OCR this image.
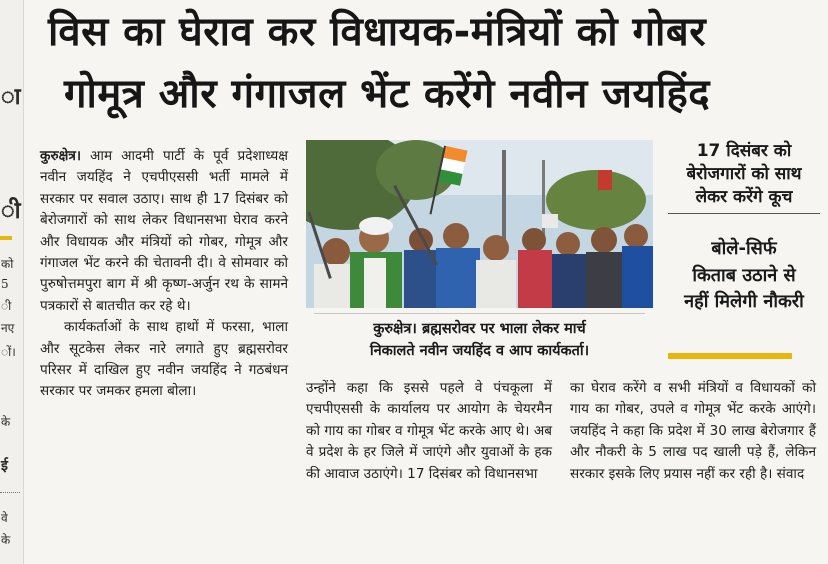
ा
ी
को
5
ी
नए
ों।
के
ई
वे
के
विस का घेराव कर विधायक-मंत्रियों को गोबर
गोमूत्र और गंगाजल भेंट करेंगे नवीन जयहिंद

कुरुक्षेत्र। आम आदमी पार्टी के पूर्व प्रदेशाध्यक्ष नवीन जयहिंद ने एचपीएससी भर्ती मामले में सरकार पर सवाल उठाए। साथ ही 17 दिसंबर को बेरोजगारों को साथ लेकर विधानसभा घेराव करने और विधायक और मंत्रियों को गोबर, गोमूत्र और गंगाजल भेंट करने की चेतावनी दी। वे सोमवार को पुरुषोत्तमपुरा बाग में श्री कृष्ण-अर्जुन रथ के सामने पत्रकारों से बातचीत कर रहे थे।

कार्यकर्ताओं के साथ हाथों में फरसा, भाला और सूटकेस लेकर नारे लगाते हुए ब्रह्मसरोवर परिसर में दाखिल हुए नवीन जयहिंद ने गठबंधन सरकार पर जमकर हमला बोला।

कुरुक्षेत्र। ब्रह्मसरोवर पर भाला लेकर मार्च
निकालते नवीन जयहिंद व आप कार्यकर्ता।
उन्होंने कहा कि इससे पहले वे पंचकूला में एचपीएससी के कार्यालय पर आयोग के चेयरमैन को गाय का गोबर व गोमूत्र भेंट करके आए थे। अब वे प्रदेश के हर जिले में जाएंगे और युवाओं के हक की आवाज उठाएंगे। 17 दिसंबर को विधानसभा
का घेराव करेंगे व सभी मंत्रियों व विधायकों को गाय का गोबर, उपले व गोमूत्र भेंट करके आएंगे। जयहिंद ने कहा कि प्रदेश में 30 लाख बेरोजगार हैं और नौकरी के 5 लाख पद खाली पड़े हैं, लेकिन सरकार इसके लिए प्रयास नहीं कर रही है। संवाद
17 दिसंबर को
बेरोजगारों को साथ
लेकर करेंगे कूच
बोले-सिर्फ
किताब उठाने से
नहीं मिलेगी नौकरी
